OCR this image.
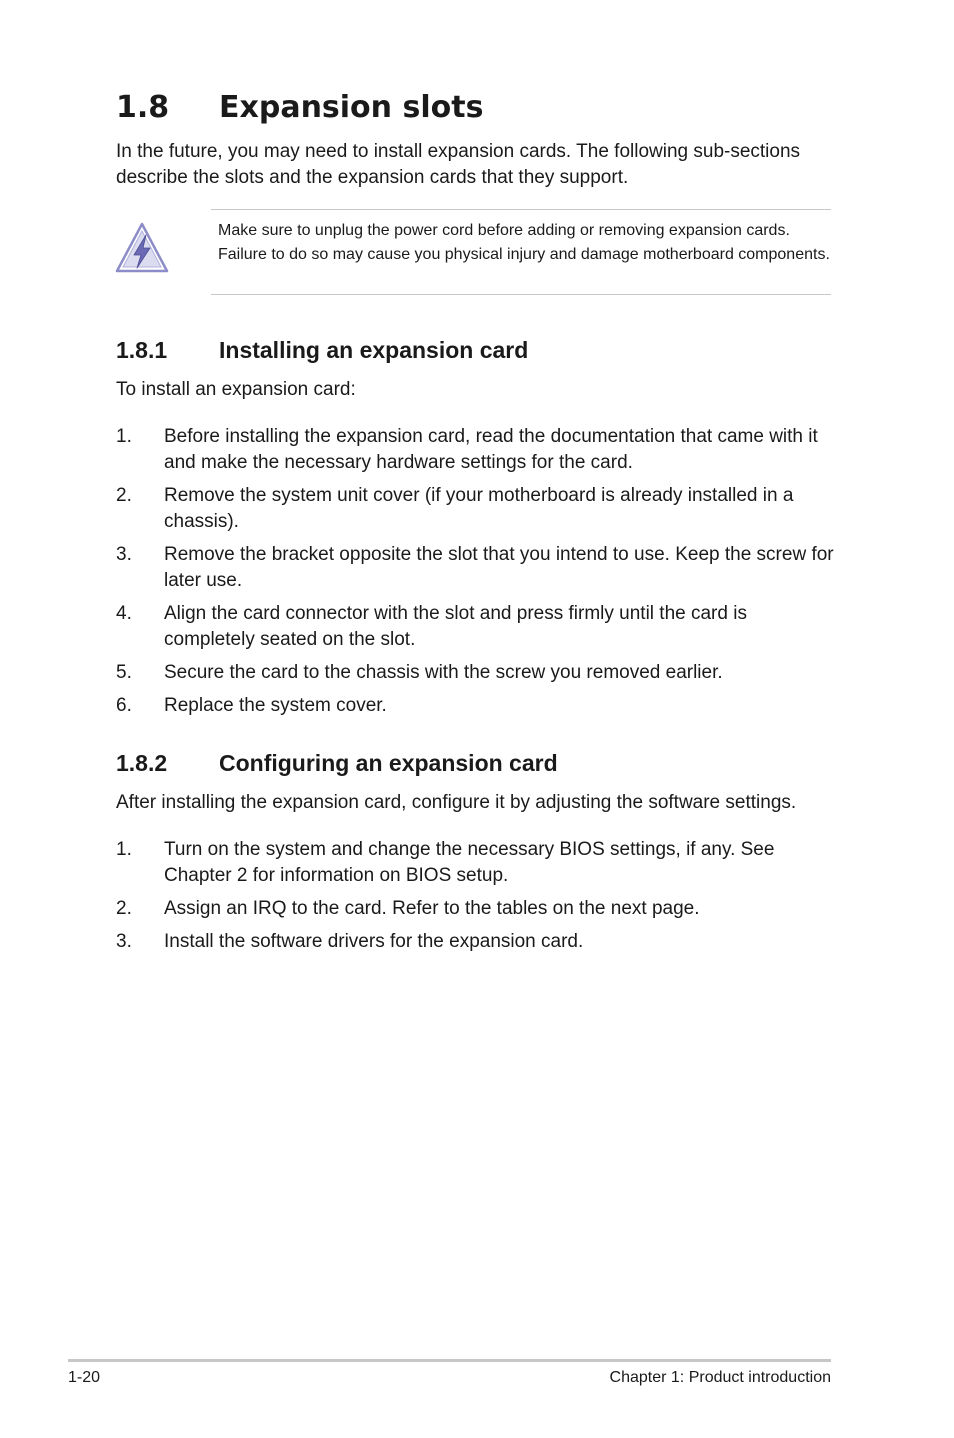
1.8 Expansion slots

In the future, you may need to install expansion cards. The following sub-sections describe the slots and the expansion cards that they support.

Make sure to unplug the power cord before adding or removing expansion cards. Failure to do so may cause you physical injury and damage motherboard components.

1.8.1 Installing an expansion card

To install an expansion card:

1. Before installing the expansion card, read the documentation that came with it and make the necessary hardware settings for the card.
2. Remove the system unit cover (if your motherboard is already installed in a chassis).
3. Remove the bracket opposite the slot that you intend to use. Keep the screw for later use.
4. Align the card connector with the slot and press firmly until the card is completely seated on the slot.
5. Secure the card to the chassis with the screw you removed earlier.
6. Replace the system cover.
1.8.2 Configuring an expansion card

After installing the expansion card, configure it by adjusting the software settings.

1. Turn on the system and change the necessary BIOS settings, if any. See Chapter 2 for information on BIOS setup.
2. Assign an IRQ to the card. Refer to the tables on the next page.
3. Install the software drivers for the expansion card.
1-20	Chapter 1: Product introduction
